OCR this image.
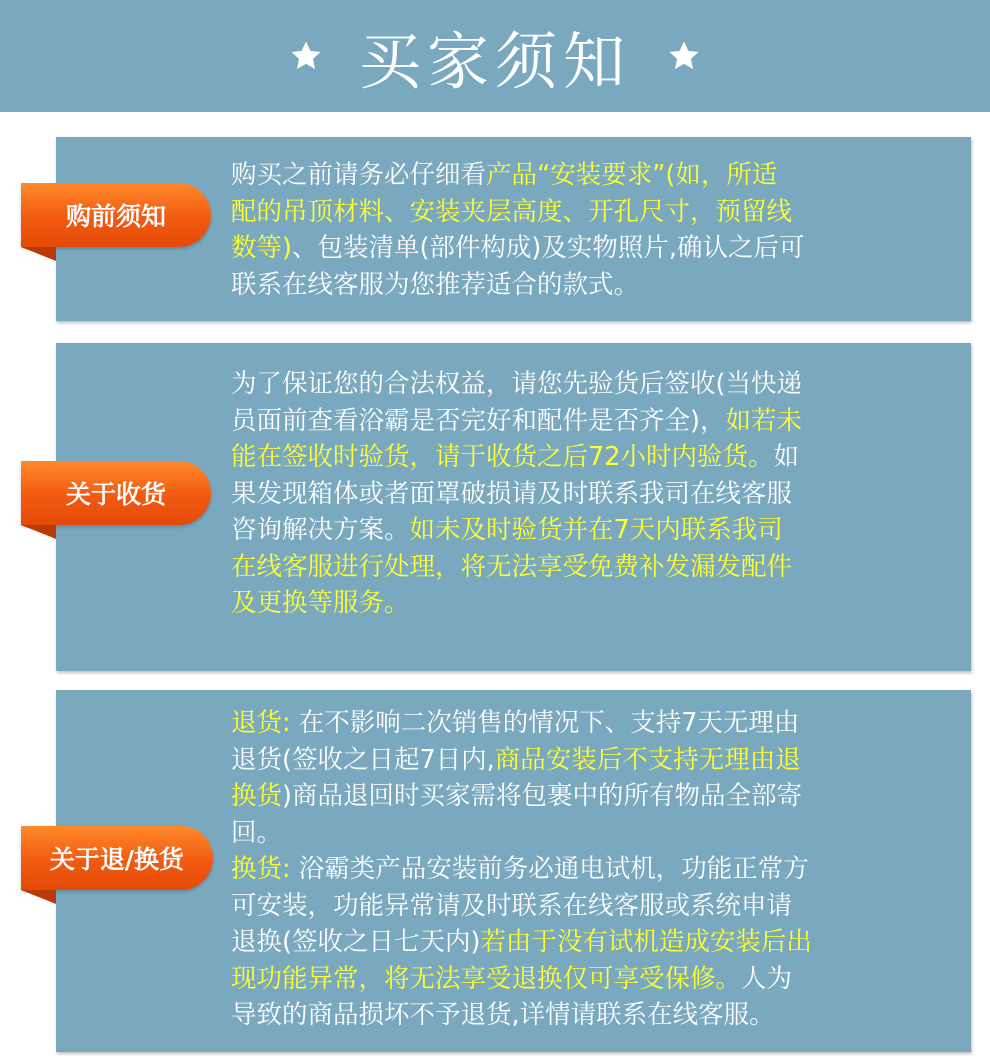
买家须知
购买之前请务必仔细看产品“安装要求”(如，所适
配的吊顶材料、安装夹层高度、开孔尺寸，预留线
数等)、包装清单(部件构成)及实物照片,确认之后可
联系在线客服为您推荐适合的款式。
购前须知
为了保证您的合法权益，请您先验货后签收(当快递
员面前查看浴霸是否完好和配件是否齐全)，如若未
能在签收时验货，请于收货之后72小时内验货。如
果发现箱体或者面罩破损请及时联系我司在线客服
咨询解决方案。如未及时验货并在7天内联系我司
在线客服进行处理，将无法享受免费补发漏发配件
及更换等服务。
关于收货
退货: 在不影响二次销售的情况下、支持7天无理由
退货(签收之日起7日内,商品安装后不支持无理由退
换货)商品退回时买家需将包裹中的所有物品全部寄
回。
换货: 浴霸类产品安装前务必通电试机，功能正常方
可安装，功能异常请及时联系在线客服或系统申请
退换(签收之日七天内)若由于没有试机造成安装后出
现功能异常，将无法享受退换仅可享受保修。人为
导致的商品损坏不予退货,详情请联系在线客服。
关于退/换货
